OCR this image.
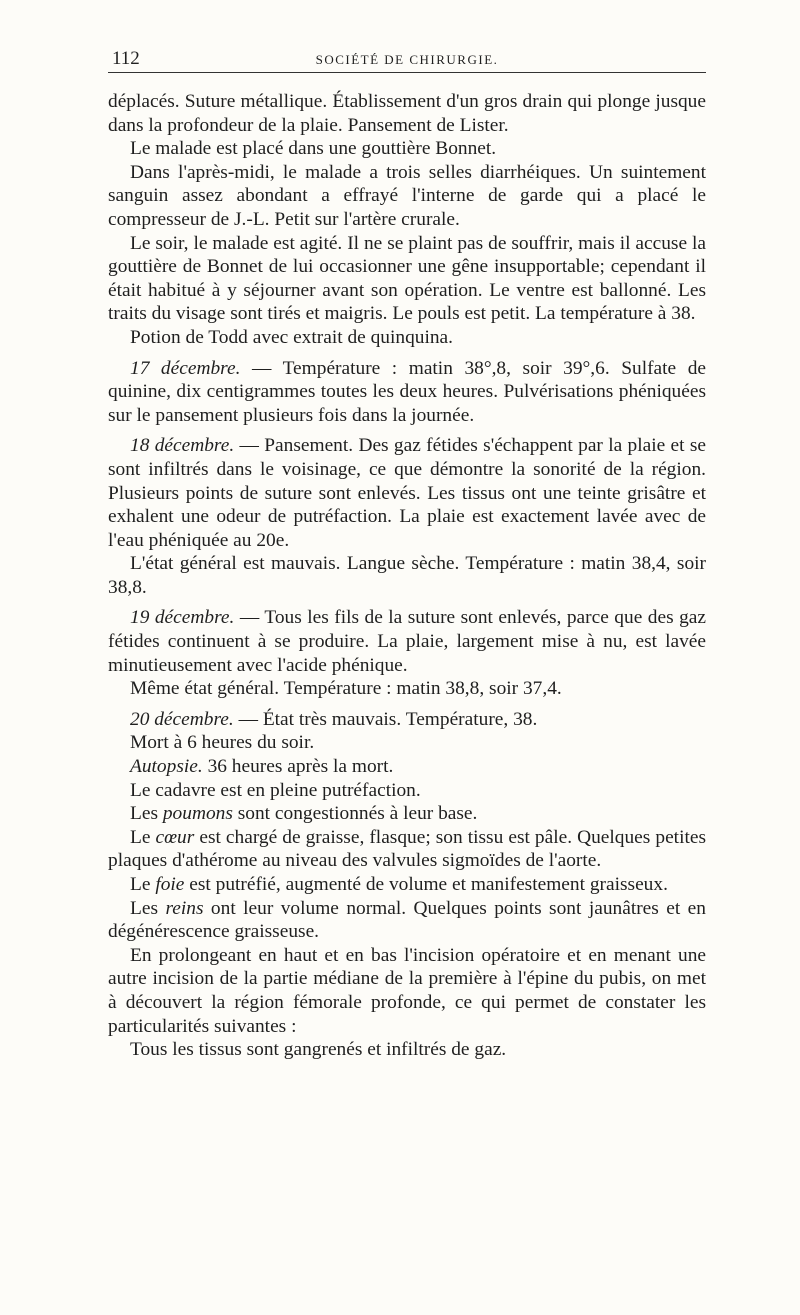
112	SOCIÉTÉ DE CHIRURGIE.

déplacés. Suture métallique. Établissement d'un gros drain qui plonge jusque dans la profondeur de la plaie. Pansement de Lister.

Le malade est placé dans une gouttière Bonnet.

Dans l'après-midi, le malade a trois selles diarrhéiques. Un suintement sanguin assez abondant a effrayé l'interne de garde qui a placé le compresseur de J.-L. Petit sur l'artère crurale.

Le soir, le malade est agité. Il ne se plaint pas de souffrir, mais il accuse la gouttière de Bonnet de lui occasionner une gêne insupportable; cependant il était habitué à y séjourner avant son opération. Le ventre est ballonné. Les traits du visage sont tirés et maigris. Le pouls est petit. La température à 38.

Potion de Todd avec extrait de quinquina.

17 décembre. — Température : matin 38°,8, soir 39°,6. Sulfate de quinine, dix centigrammes toutes les deux heures. Pulvérisations phéniquées sur le pansement plusieurs fois dans la journée.

18 décembre. — Pansement. Des gaz fétides s'échappent par la plaie et se sont infiltrés dans le voisinage, ce que démontre la sonorité de la région. Plusieurs points de suture sont enlevés. Les tissus ont une teinte grisâtre et exhalent une odeur de putréfaction. La plaie est exactement lavée avec de l'eau phéniquée au 20e.

L'état général est mauvais. Langue sèche. Température : matin 38,4, soir 38,8.

19 décembre. — Tous les fils de la suture sont enlevés, parce que des gaz fétides continuent à se produire. La plaie, largement mise à nu, est lavée minutieusement avec l'acide phénique.

Même état général. Température : matin 38,8, soir 37,4.

20 décembre. — État très mauvais. Température, 38.

Mort à 6 heures du soir.

Autopsie. 36 heures après la mort.

Le cadavre est en pleine putréfaction.

Les poumons sont congestionnés à leur base.

Le cœur est chargé de graisse, flasque; son tissu est pâle. Quelques petites plaques d'athérome au niveau des valvules sigmoïdes de l'aorte.

Le foie est putréfié, augmenté de volume et manifestement graisseux.

Les reins ont leur volume normal. Quelques points sont jaunâtres et en dégénérescence graisseuse.

En prolongeant en haut et en bas l'incision opératoire et en menant une autre incision de la partie médiane de la première à l'épine du pubis, on met à découvert la région fémorale profonde, ce qui permet de constater les particularités suivantes :

Tous les tissus sont gangrenés et infiltrés de gaz.
